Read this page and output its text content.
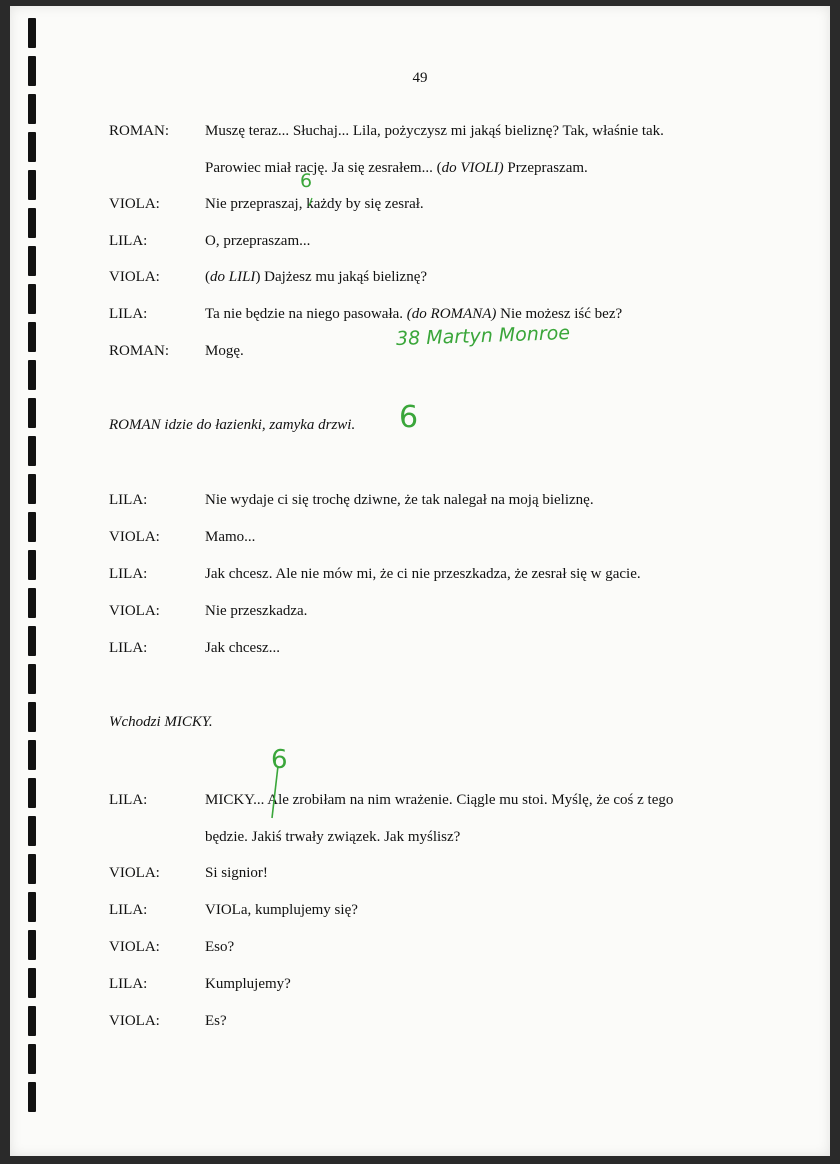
49
ROMAN: Muszę teraz... Słuchaj... Lila, pożyczysz mi jakąś bieliznę? Tak, właśnie tak.
Parowiec miał rację. Ja się zesrałem... (do VIOLI) Przepraszam.
VIOLA:	Nie przepraszaj, każdy by się zesrał.
LILA:	O, przepraszam...
VIOLA:	(do LILI) Dajżesz mu jakąś bieliznę?
LILA:	Ta nie będzie na niego pasowała. (do ROMANA) Nie możesz iść bez?
ROMAN: Mogę.
ROMAN idzie do łazienki, zamyka drzwi.
LILA:	Nie wydaje ci się trochę dziwne, że tak nalegał na moją bieliznę.
VIOLA:	Mamo...
LILA:	Jak chcesz. Ale nie mów mi, że ci nie przeszkadza, że zesrał się w gacie.
VIOLA:	Nie przeszkadza.
LILA:	Jak chcesz...
Wchodzi MICKY.
LILA:	MICKY... Ale zrobiłam na nim wrażenie. Ciągle mu stoi. Myślę, że coś z tego
będzie. Jakiś trwały związek. Jak myślisz?
VIOLA:	Si signior!
LILA:	VIOLa, kumplujemy się?
VIOLA:	Eso?
LILA:	Kumplujemy?
VIOLA:	Es?
6
38 Martyn Monroe
6
6
